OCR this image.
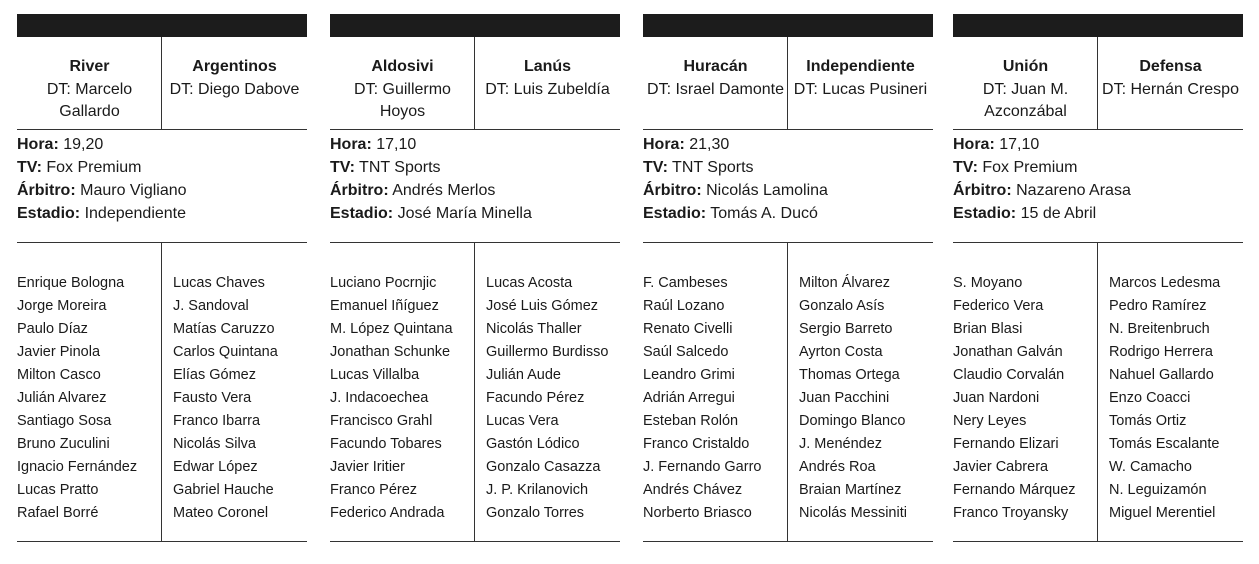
River
DT: Marcelo Gallardo
Argentinos
DT: Diego Dabove
Hora: 19,20
TV: Fox Premium
Árbitro: Mauro Vigliano
Estadio: Independiente
Enrique Bologna
Jorge Moreira
Paulo Díaz
Javier Pinola
Milton Casco
Julián Alvarez
Santiago Sosa
Bruno Zuculini
Ignacio Fernández
Lucas Pratto
Rafael Borré
Lucas Chaves
J. Sandoval
Matías Caruzzo
Carlos Quintana
Elías Gómez
Fausto Vera
Franco Ibarra
Nicolás Silva
Edwar López
Gabriel Hauche
Mateo Coronel
Aldosivi
DT: Guillermo Hoyos
Lanús
DT: Luis Zubeldía
Hora: 17,10
TV: TNT Sports
Árbitro: Andrés Merlos
Estadio: José María Minella
Luciano Pocrnjic
Emanuel Iñíguez
M. López Quintana
Jonathan Schunke
Lucas Villalba
J. Indacoechea
Francisco Grahl
Facundo Tobares
Javier Iritier
Franco Pérez
Federico Andrada
Lucas Acosta
José Luis Gómez
Nicolás Thaller
Guillermo Burdisso
Julián Aude
Facundo Pérez
Lucas Vera
Gastón Lódico
Gonzalo Casazza
J. P. Krilanovich
Gonzalo Torres
Huracán
DT: Israel Damonte
Independiente
DT: Lucas Pusineri
Hora: 21,30
TV: TNT Sports
Árbitro: Nicolás Lamolina
Estadio: Tomás A. Ducó
F. Cambeses
Raúl Lozano
Renato Civelli
Saúl Salcedo
Leandro Grimi
Adrián Arregui
Esteban Rolón
Franco Cristaldo
J. Fernando Garro
Andrés Chávez
Norberto Briasco
Milton Álvarez
Gonzalo Asís
Sergio Barreto
Ayrton Costa
Thomas Ortega
Juan Pacchini
Domingo Blanco
J. Menéndez
Andrés Roa
Braian Martínez
Nicolás Messiniti
Unión
DT: Juan M. Azconzábal
Defensa
DT: Hernán Crespo
Hora: 17,10
TV: Fox Premium
Árbitro: Nazareno Arasa
Estadio: 15 de Abril
S. Moyano
Federico Vera
Brian Blasi
Jonathan Galván
Claudio Corvalán
Juan Nardoni
Nery Leyes
Fernando Elizari
Javier Cabrera
Fernando Márquez
Franco Troyansky
Marcos Ledesma
Pedro Ramírez
N. Breitenbruch
Rodrigo Herrera
Nahuel Gallardo
Enzo Coacci
Tomás Ortiz
Tomás Escalante
W. Camacho
N. Leguizamón
Miguel Merentiel
